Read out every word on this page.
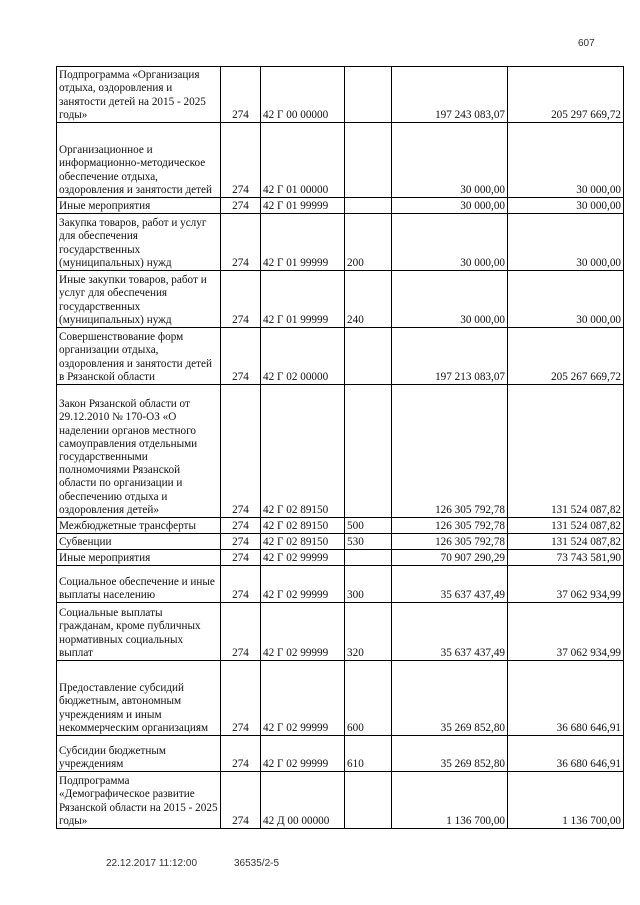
607
Подпрограмма «Организация отдыха, оздоровления и занятости детей на 2015 - 2025 годы»	274	42 Г 00 00000		197 243 083,07	205 297 669,72
Организационное и информационно-методическое обеспечение отдыха, оздоровления и занятости детей	274	42 Г 01 00000		30 000,00	30 000,00
Иные мероприятия	274	42 Г 01 99999		30 000,00	30 000,00
Закупка товаров, работ и услуг для обеспечения государственных (муниципальных) нужд	274	42 Г 01 99999	200	30 000,00	30 000,00
Иные закупки товаров, работ и услуг для обеспечения государственных (муниципальных) нужд	274	42 Г 01 99999	240	30 000,00	30 000,00
Совершенствование форм организации отдыха, оздоровления и занятости детей в Рязанской области	274	42 Г 02 00000		197 213 083,07	205 267 669,72
Закон Рязанской области от 29.12.2010 № 170-ОЗ «О наделении органов местного самоуправления отдельными государственными полномочиями Рязанской области по организации и обеспечению отдыха и оздоровления детей»	274	42 Г 02 89150		126 305 792,78	131 524 087,82
Межбюджетные трансферты	274	42 Г 02 89150	500	126 305 792,78	131 524 087,82
Субвенции	274	42 Г 02 89150	530	126 305 792,78	131 524 087,82
Иные мероприятия	274	42 Г 02 99999		70 907 290,29	73 743 581,90
Социальное обеспечение и иные выплаты населению	274	42 Г 02 99999	300	35 637 437,49	37 062 934,99
Социальные выплаты гражданам, кроме публичных нормативных социальных выплат	274	42 Г 02 99999	320	35 637 437,49	37 062 934,99
Предоставление субсидий бюджетным, автономным учреждениям и иным некоммерческим организациям	274	42 Г 02 99999	600	35 269 852,80	36 680 646,91
Субсидии бюджетным учреждениям	274	42 Г 02 99999	610	35 269 852,80	36 680 646,91
Подпрограмма «Демографическое развитие Рязанской области на 2015 - 2025 годы»	274	42 Д 00 00000		1 136 700,00	1 136 700,00
22.12.2017 11:12:00	36535/2-5
